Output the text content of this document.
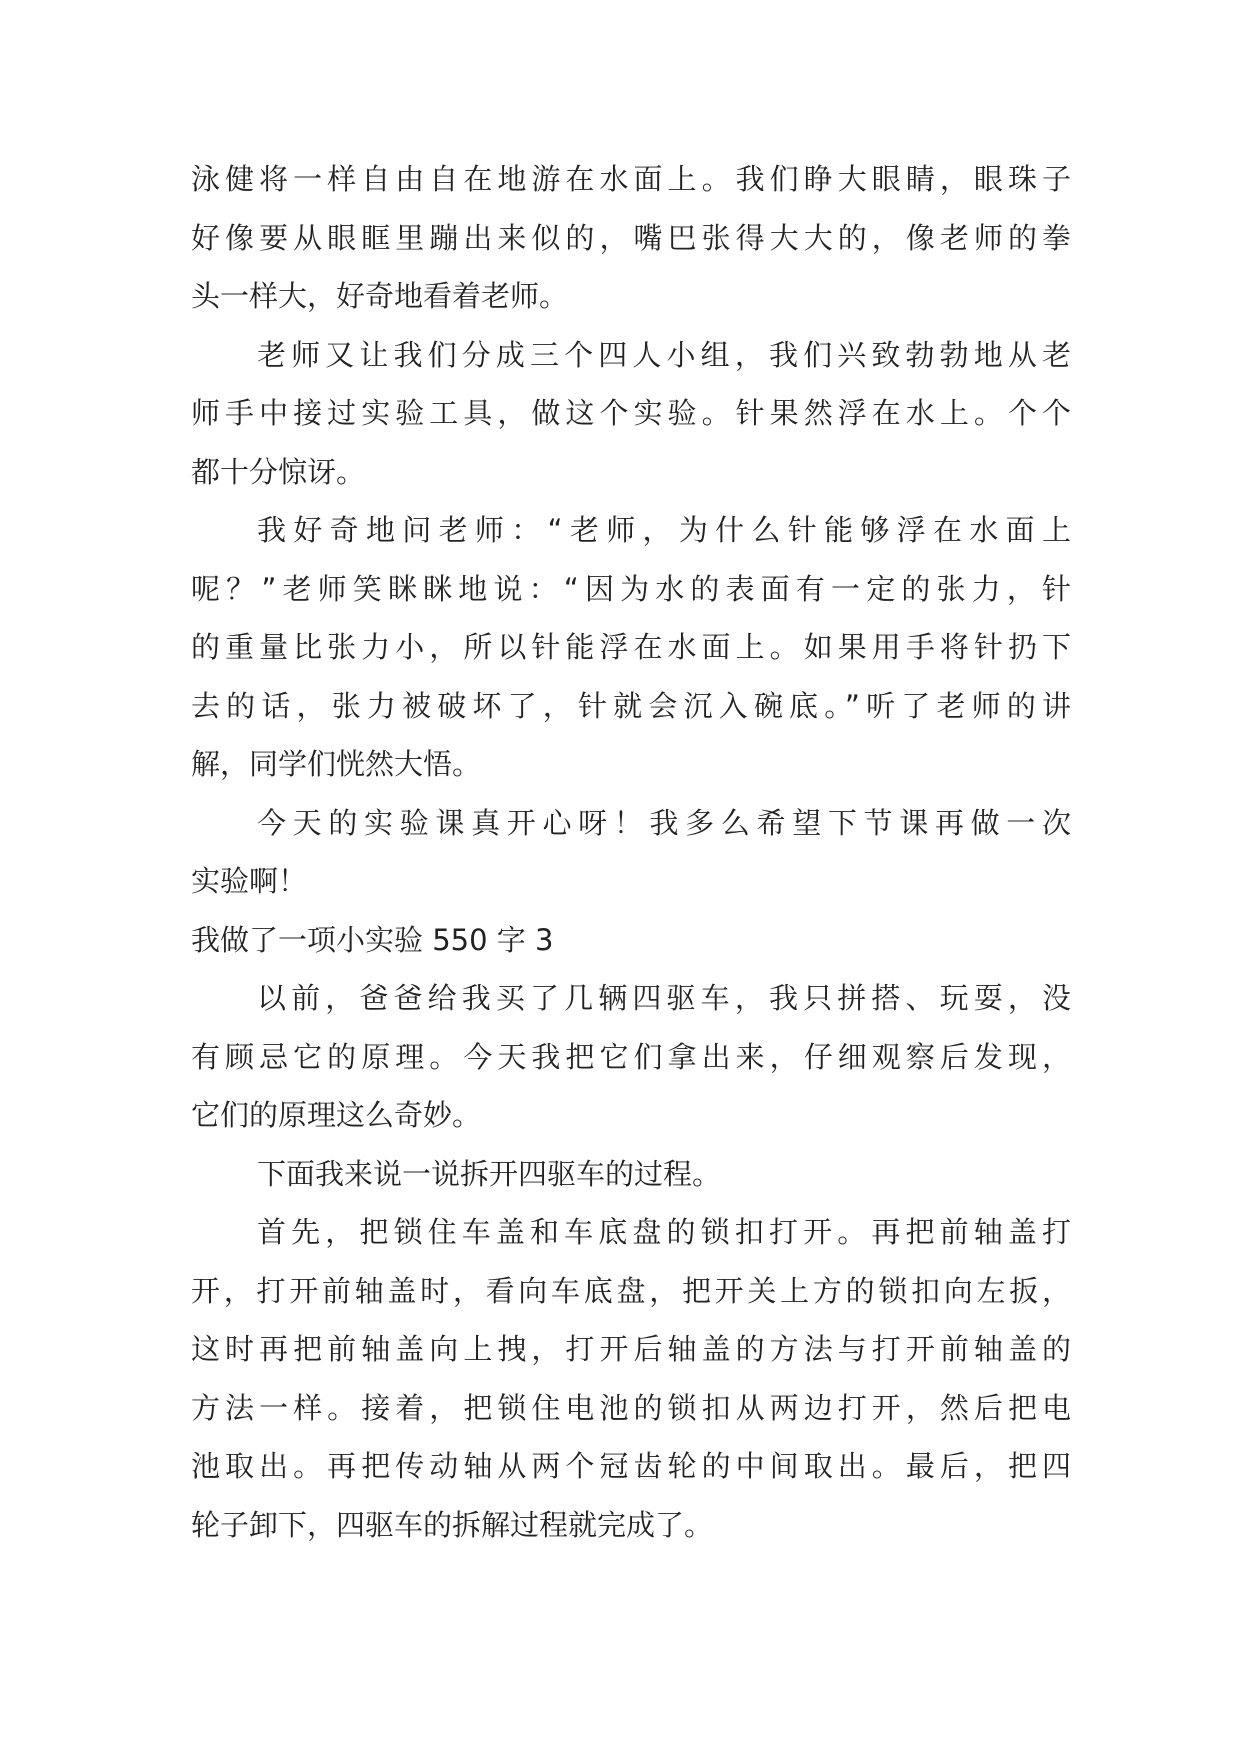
泳健将一样自由自在地游在水面上。我们睁大眼睛，眼珠子
好像要从眼眶里蹦出来似的，嘴巴张得大大的，像老师的拳
头一样大，好奇地看着老师。
老师又让我们分成三个四人小组，我们兴致勃勃地从老
师手中接过实验工具，做这个实验。针果然浮在水上。个个
都十分惊讶。
我好奇地问老师：“老师，为什么针能够浮在水面上
呢？”老师笑眯眯地说：“因为水的表面有一定的张力，针
的重量比张力小，所以针能浮在水面上。如果用手将针扔下
去的话，张力被破坏了，针就会沉入碗底。”听了老师的讲
解，同学们恍然大悟。
今天的实验课真开心呀！我多么希望下节课再做一次
实验啊！
我做了一项小实验 550 字 3
以前，爸爸给我买了几辆四驱车，我只拼搭、玩耍，没
有顾忌它的原理。今天我把它们拿出来，仔细观察后发现，
它们的原理这么奇妙。
下面我来说一说拆开四驱车的过程。
首先，把锁住车盖和车底盘的锁扣打开。再把前轴盖打
开，打开前轴盖时，看向车底盘，把开关上方的锁扣向左扳，
这时再把前轴盖向上拽，打开后轴盖的方法与打开前轴盖的
方法一样。接着，把锁住电池的锁扣从两边打开，然后把电
池取出。再把传动轴从两个冠齿轮的中间取出。最后，把四
轮子卸下，四驱车的拆解过程就完成了。
